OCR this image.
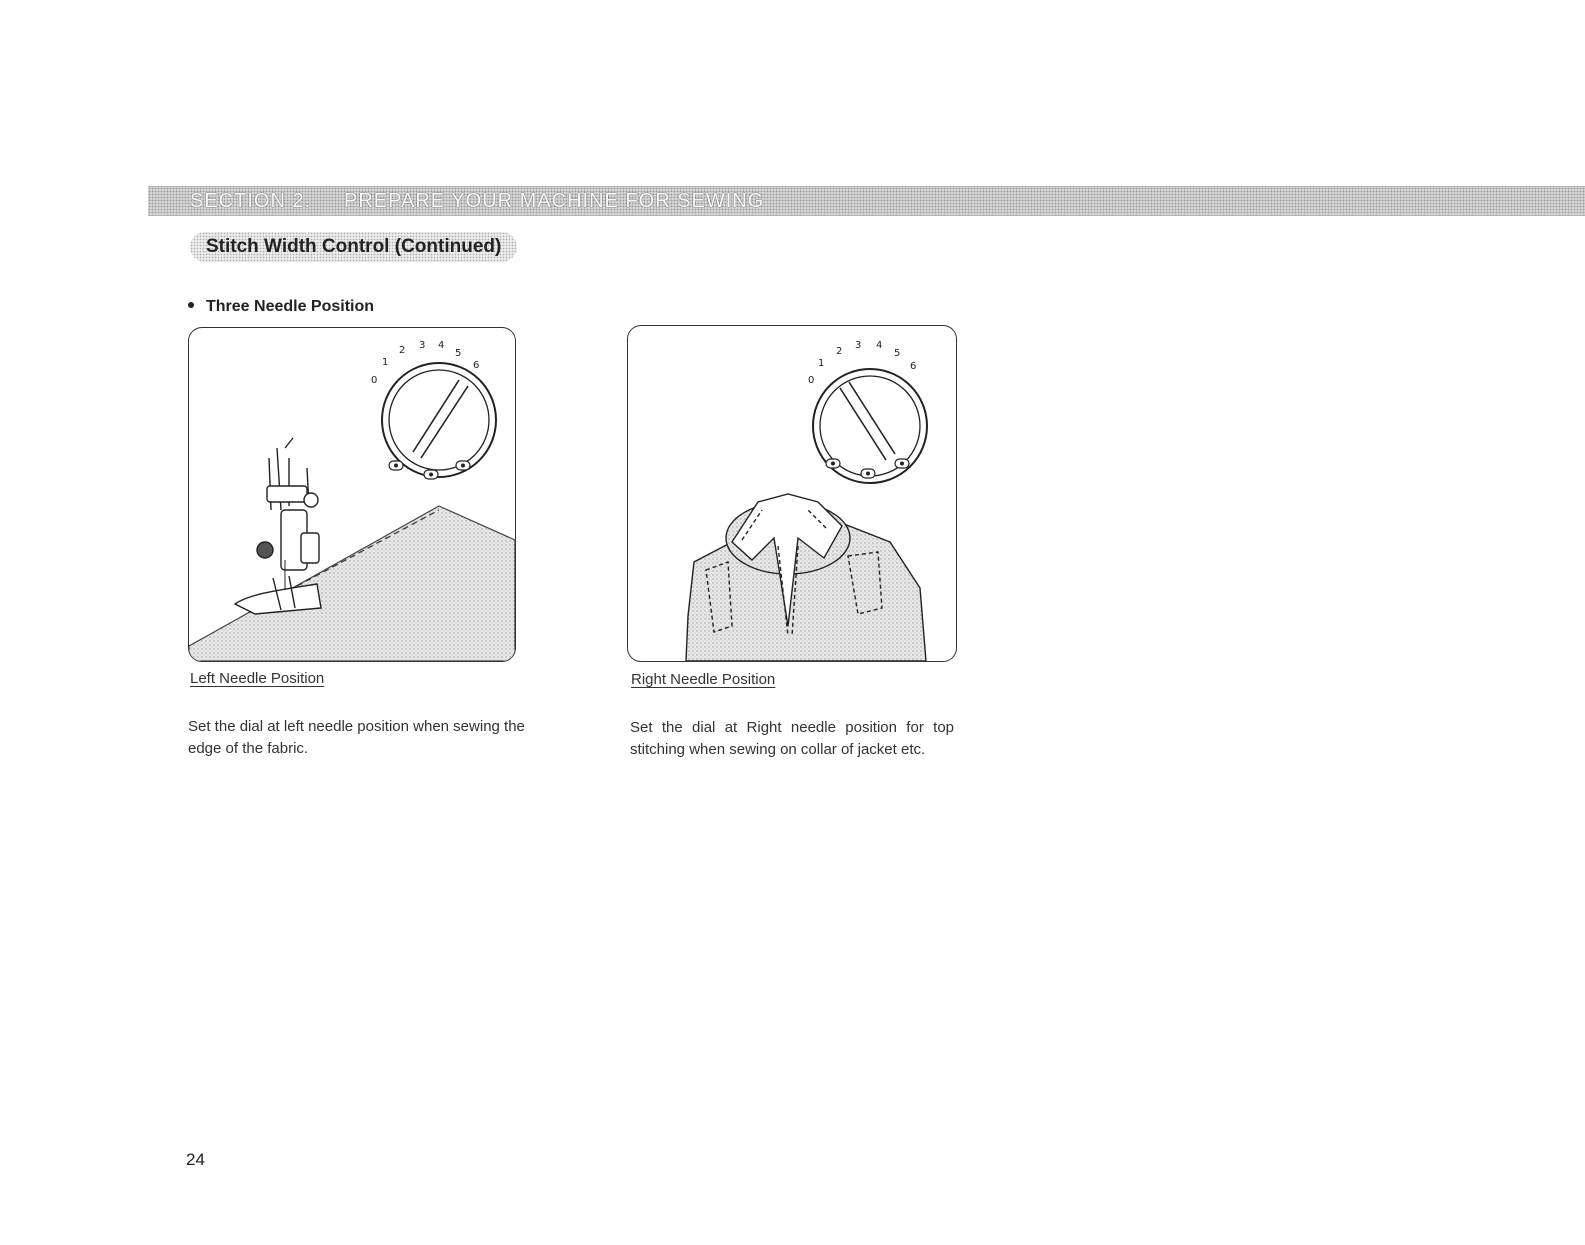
SECTION 2. PREPARE YOUR MACHINE FOR SEWING
Stitch Width Control (Continued)
Three Needle Position
0
1
2 3 4
5
6
Left Needle Position
Set the dial at left needle position when sewing the edge of the fabric.
0
1
2
3 4
5
6
Right Needle Position
Set the dial at Right needle position for top stitching when sewing on collar of jacket etc.
24
